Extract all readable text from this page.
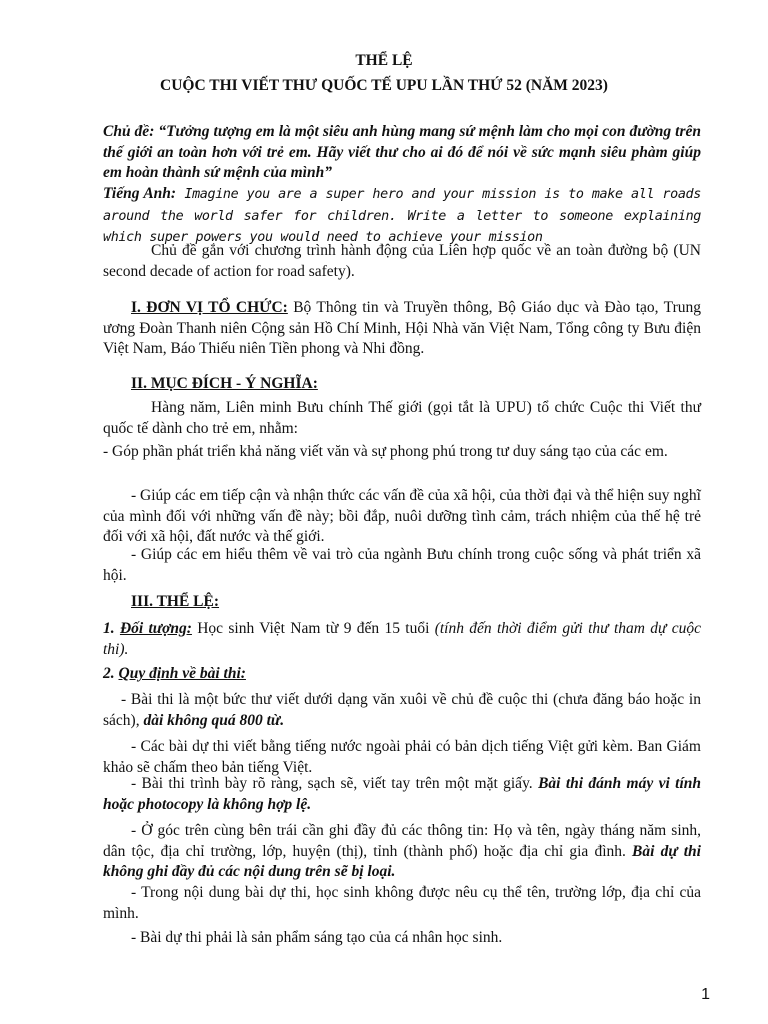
THỂ LỆ

CUỘC THI VIẾT THƯ QUỐC TẾ UPU LẦN THỨ 52 (NĂM 2023)

Chủ đề: “Tưởng tượng em là một siêu anh hùng mang sứ mệnh làm cho mọi con đường trên thế giới an toàn hơn với trẻ em. Hãy viết thư cho ai đó để nói về sức mạnh siêu phàm giúp em hoàn thành sứ mệnh của mình”

Tiếng Anh: Imagine you are a super hero and your mission is to make all roads around the world safer for children. Write a letter to someone explaining which super powers you would need to achieve your mission

Chủ đề gắn với chương trình hành động của Liên hợp quốc về an toàn đường bộ (UN second decade of action for road safety).

I. ĐƠN VỊ TỔ CHỨC: Bộ Thông tin và Truyền thông, Bộ Giáo dục và Đào tạo, Trung ương Đoàn Thanh niên Cộng sản Hồ Chí Minh, Hội Nhà văn Việt Nam, Tổng công ty Bưu điện Việt Nam, Báo Thiếu niên Tiền phong và Nhi đồng.

II. MỤC ĐÍCH - Ý NGHĨA:

Hàng năm, Liên minh Bưu chính Thế giới (gọi tắt là UPU) tổ chức Cuộc thi Viết thư quốc tế dành cho trẻ em, nhằm:

- Góp phần phát triển khả năng viết văn và sự phong phú trong tư duy sáng tạo của các em.

- Giúp các em tiếp cận và nhận thức các vấn đề của xã hội, của thời đại và thể hiện suy nghĩ của mình đối với những vấn đề này; bồi đắp, nuôi dưỡng tình cảm, trách nhiệm của thế hệ trẻ đối với xã hội, đất nước và thế giới.

- Giúp các em hiểu thêm về vai trò của ngành Bưu chính trong cuộc sống và phát triển xã hội.

III. THỂ LỆ:

1. Đối tượng: Học sinh Việt Nam từ 9 đến 15 tuổi (tính đến thời điểm gửi thư tham dự cuộc thi).

2. Quy định về bài thi:

- Bài thi là một bức thư viết dưới dạng văn xuôi về chủ đề cuộc thi (chưa đăng báo hoặc in sách), dài không quá 800 từ.

- Các bài dự thi viết bằng tiếng nước ngoài phải có bản dịch tiếng Việt gửi kèm. Ban Giám khảo sẽ chấm theo bản tiếng Việt.

- Bài thi trình bày rõ ràng, sạch sẽ, viết tay trên một mặt giấy. Bài thi đánh máy vi tính hoặc photocopy là không hợp lệ.

- Ở góc trên cùng bên trái cần ghi đầy đủ các thông tin: Họ và tên, ngày tháng năm sinh, dân tộc, địa chỉ trường, lớp, huyện (thị), tỉnh (thành phố) hoặc địa chỉ gia đình. Bài dự thi không ghi đầy đủ các nội dung trên sẽ bị loại.

- Trong nội dung bài dự thi, học sinh không được nêu cụ thể tên, trường lớp, địa chỉ của mình.

- Bài dự thi phải là sản phẩm sáng tạo của cá nhân học sinh.

1
